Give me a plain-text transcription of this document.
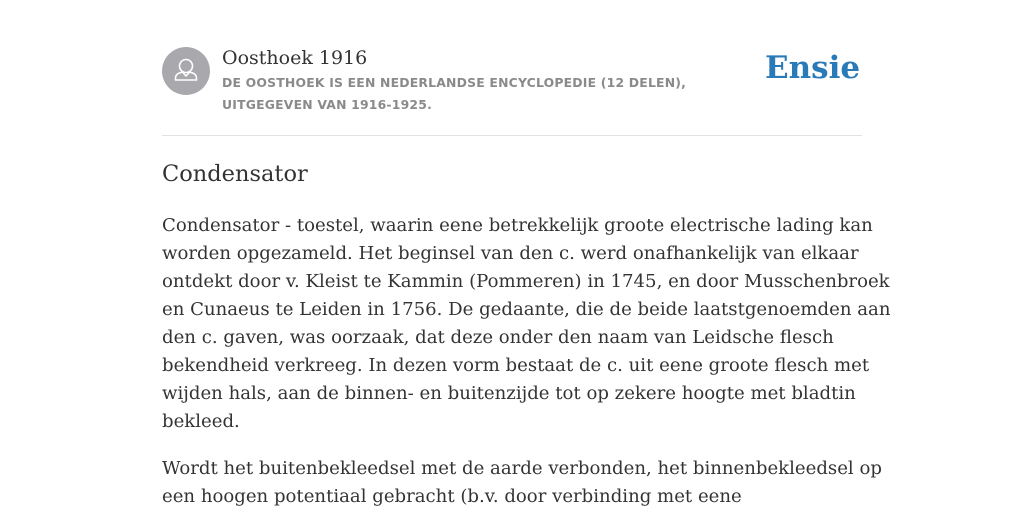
Oosthoek 1916
DE OOSTHOEK IS EEN NEDERLANDSE ENCYCLOPEDIE (12 DELEN), UITGEGEVEN VAN 1916-1925.
Ensie
Condensator

Condensator - toestel, waarin eene betrekkelijk groote electrische lading kan
worden opgezameld. Het beginsel van den c. werd onafhankelijk van elkaar
ontdekt door v. Kleist te Kammin (Pommeren) in 1745, en door Musschenbroek
en Cunaeus te Leiden in 1756. De gedaante, die de beide laatstgenoemden aan
den c. gaven, was oorzaak, dat deze onder den naam van Leidsche flesch
bekendheid verkreeg. In dezen vorm bestaat de c. uit eene groote flesch met
wijden hals, aan de binnen- en buitenzijde tot op zekere hoogte met bladtin
bekleed.

Wordt het buitenbekleedsel met de aarde verbonden, het binnenbekleedsel op
een hoogen potentiaal gebracht (b.v. door verbinding met eene
